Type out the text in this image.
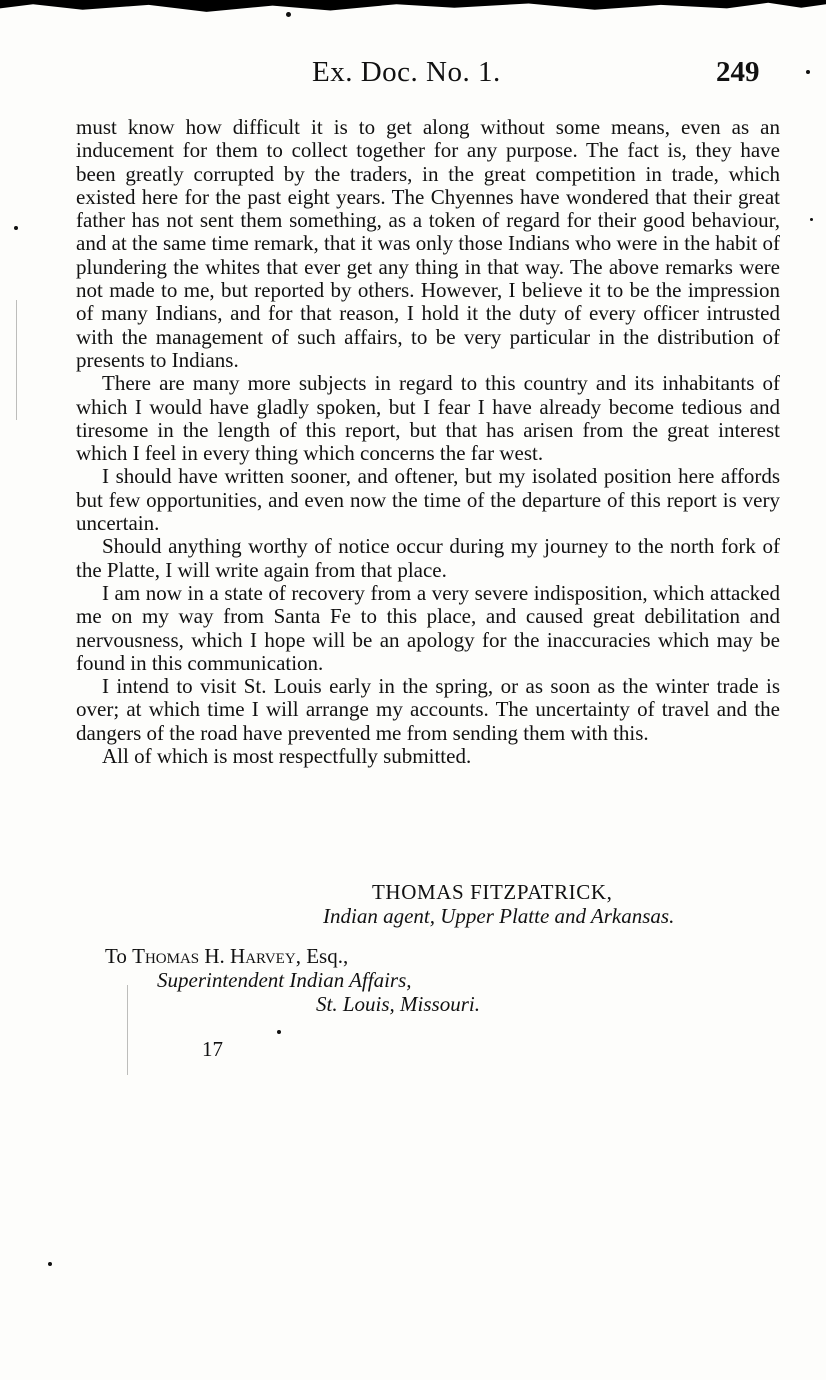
Ex. Doc. No. 1.	249

must know how difficult it is to get along without some means, even as an inducement for them to collect together for any purpose. The fact is, they have been greatly corrupted by the traders, in the great competition in trade, which existed here for the past eight years. The Chyennes have wondered that their great father has not sent them something, as a token of regard for their good behaviour, and at the same time remark, that it was only those Indians who were in the habit of plundering the whites that ever get any thing in that way. The above remarks were not made to me, but reported by others. However, I believe it to be the impression of many Indians, and for that reason, I hold it the duty of every officer intrusted with the management of such affairs, to be very particular in the distribution of presents to Indians.

There are many more subjects in regard to this country and its inhabitants of which I would have gladly spoken, but I fear I have already become tedious and tiresome in the length of this report, but that has arisen from the great interest which I feel in every thing which concerns the far west.

I should have written sooner, and oftener, but my isolated position here affords but few opportunities, and even now the time of the departure of this report is very uncertain.

Should anything worthy of notice occur during my journey to the north fork of the Platte, I will write again from that place.

I am now in a state of recovery from a very severe indisposition, which attacked me on my way from Santa Fe to this place, and caused great debilitation and nervousness, which I hope will be an apology for the inaccuracies which may be found in this communication.

I intend to visit St. Louis early in the spring, or as soon as the winter trade is over; at which time I will arrange my accounts. The uncertainty of travel and the dangers of the road have prevented me from sending them with this.

All of which is most respectfully submitted.

THOMAS FITZPATRICK,
Indian agent, Upper Platte and Arkansas.
To Thomas H. Harvey, Esq.,
Superintendent Indian Affairs,
St. Louis, Missouri.
17
